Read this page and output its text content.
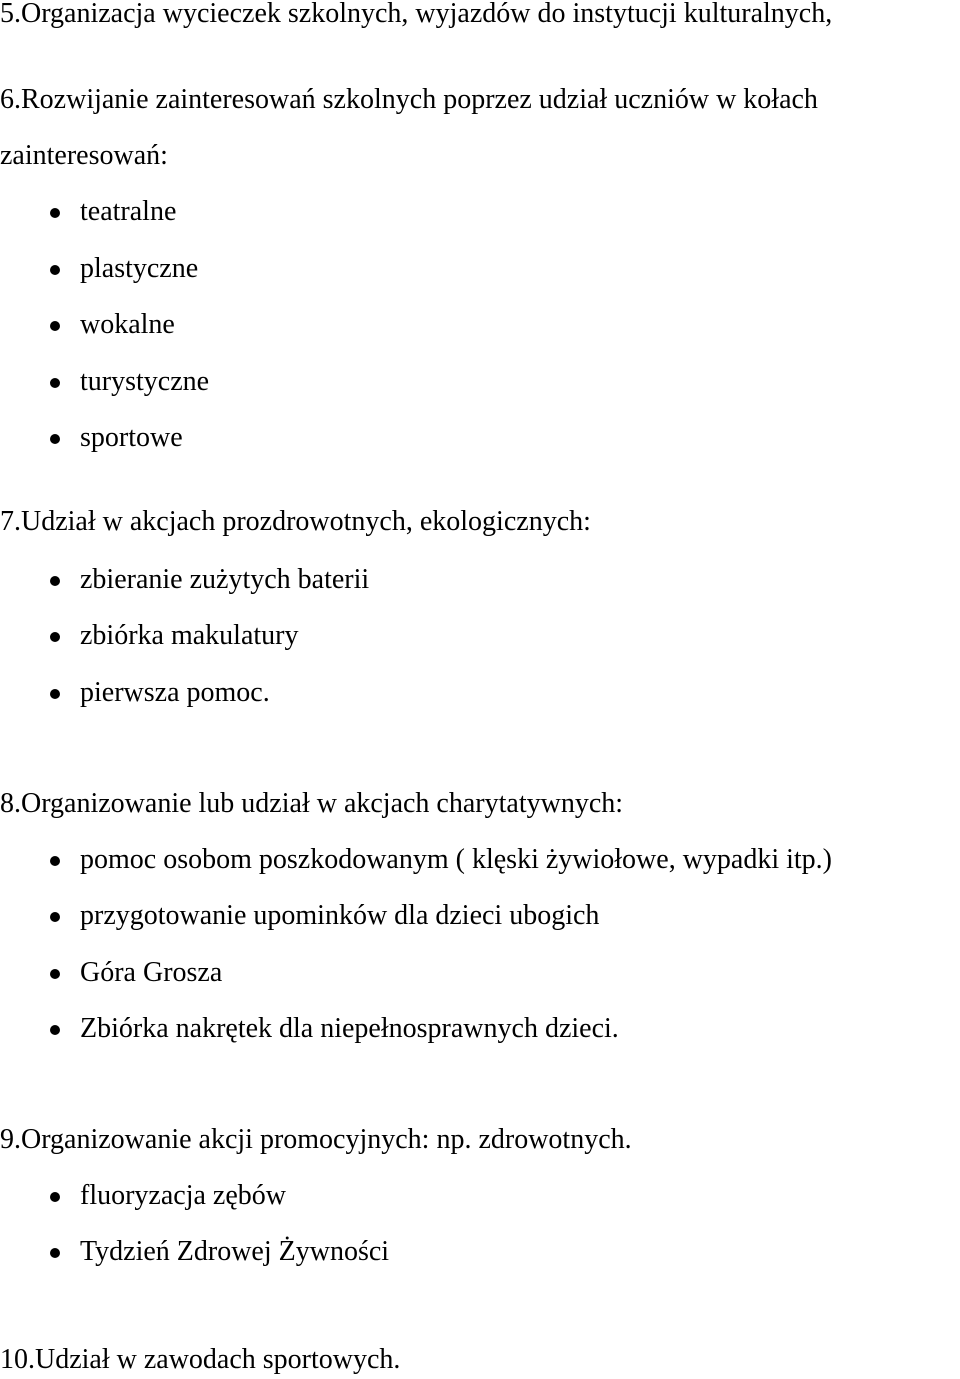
5.Organizacja wycieczek szkolnych, wyjazdów do instytucji kulturalnych,
6.Rozwijanie zainteresowań szkolnych poprzez udział uczniów w kołach
zainteresowań:
teatralne
plastyczne
wokalne
turystyczne
sportowe
7.Udział w akcjach prozdrowotnych, ekologicznych:
zbieranie zużytych baterii
zbiórka makulatury
pierwsza pomoc.
8.Organizowanie lub udział w akcjach charytatywnych:
pomoc osobom poszkodowanym ( klęski żywiołowe, wypadki itp.)
przygotowanie upominków dla dzieci ubogich
Góra Grosza
Zbiórka nakrętek dla niepełnosprawnych dzieci.
9.Organizowanie akcji promocyjnych: np. zdrowotnych.
fluoryzacja zębów
Tydzień Zdrowej Żywności
10.Udział w zawodach sportowych.
